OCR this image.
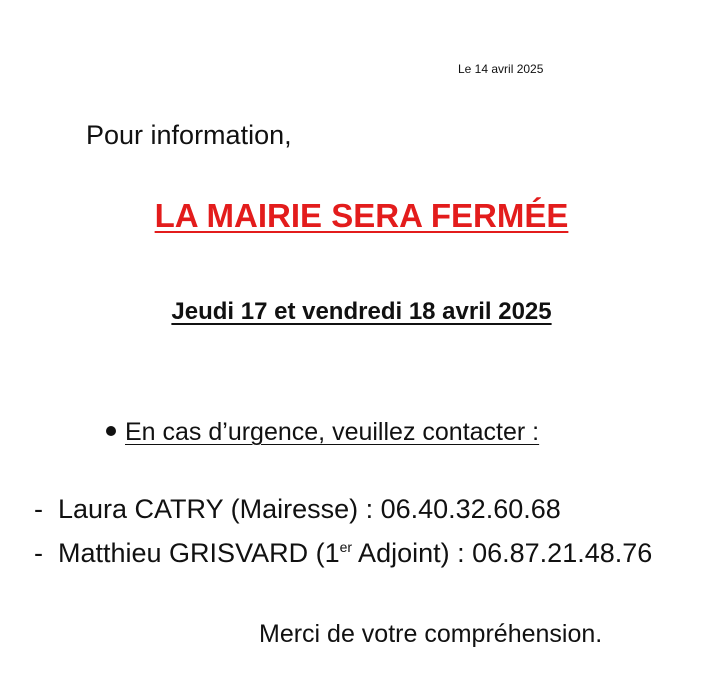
Le 14 avril 2025
Pour information,
LA MAIRIE SERA FERMÉE
Jeudi 17 et vendredi 18 avril 2025
En cas d’urgence, veuillez contacter :
- Laura CATRY (Mairesse) : 06.40.32.60.68
- Matthieu GRISVARD (1er Adjoint) : 06.87.21.48.76
Merci de votre compréhension.
